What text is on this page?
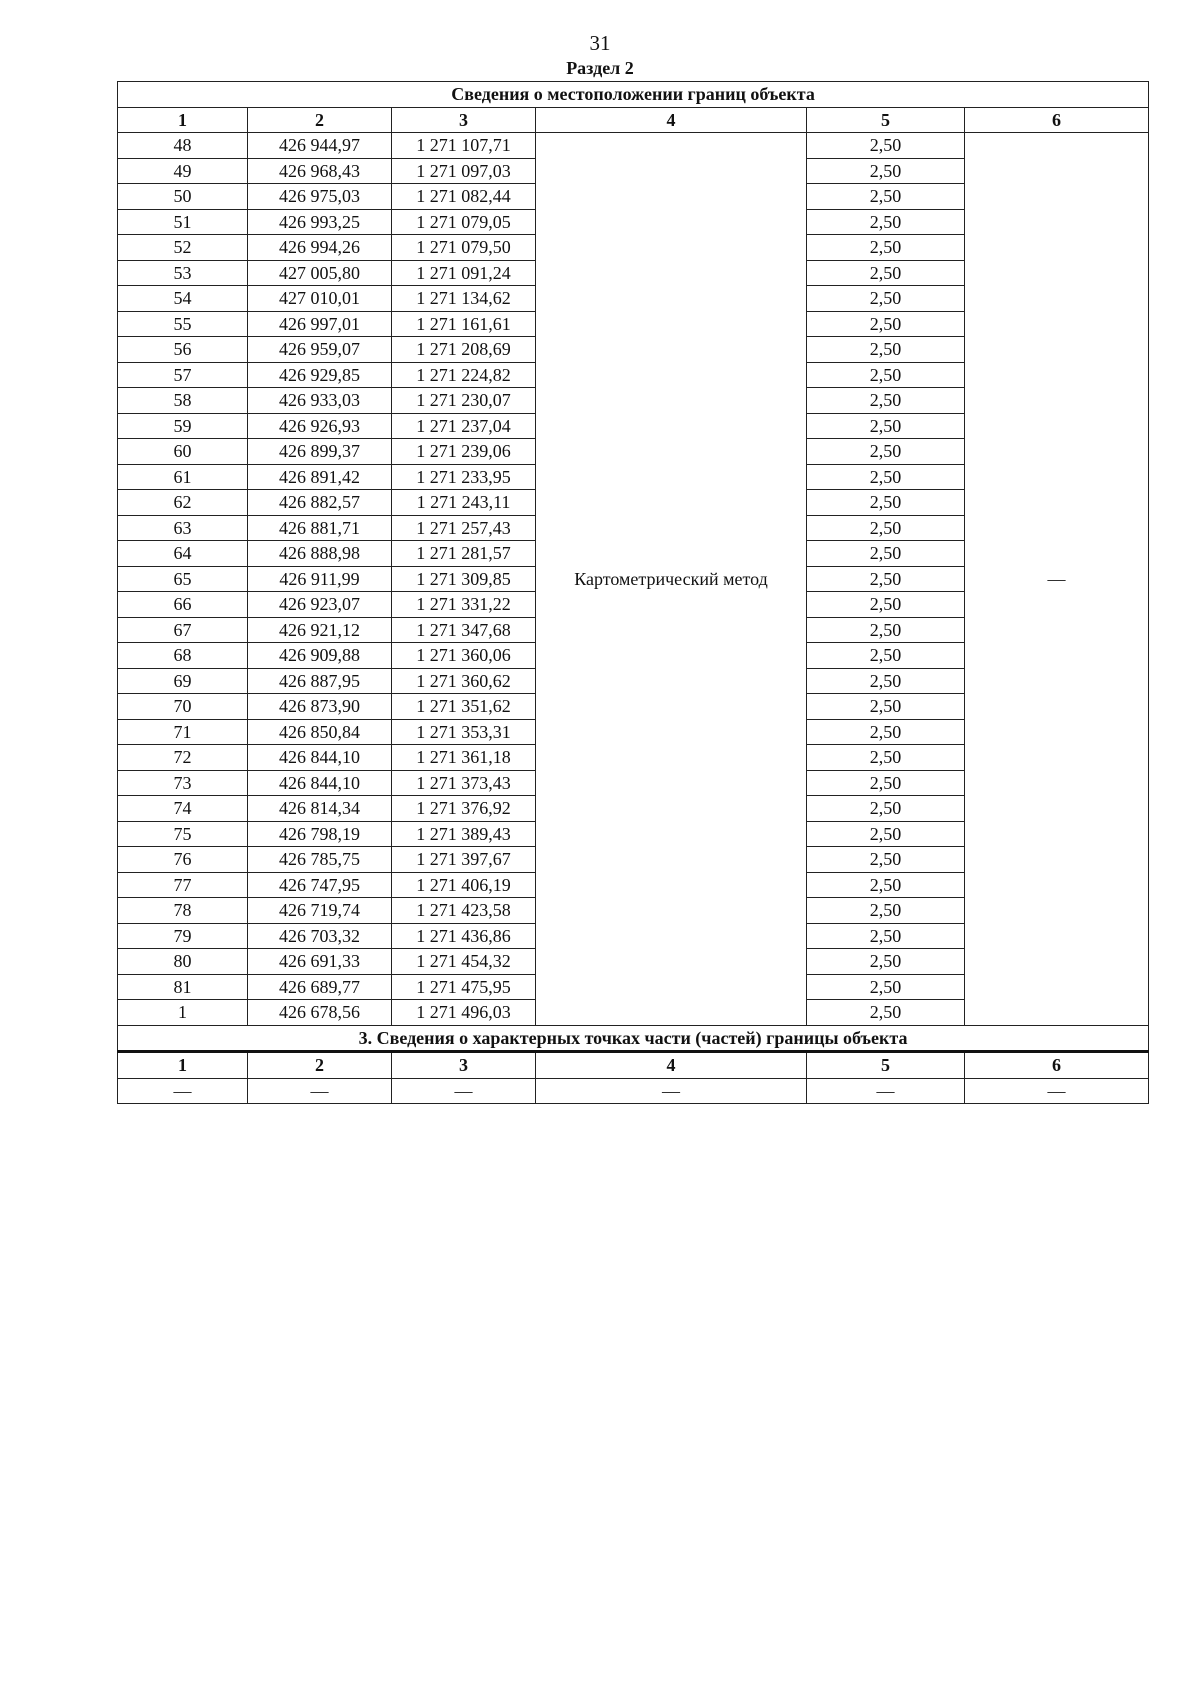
31
Раздел 2
Сведения о местоположении границ объекта					
1	2	3	4	5	6
48	426 944,97	1 271 107,71	Картометрический метод	2,50	—
49	426 968,43	1 271 097,03		2,50	
50	426 975,03	1 271 082,44		2,50	
51	426 993,25	1 271 079,05		2,50	
52	426 994,26	1 271 079,50		2,50	
53	427 005,80	1 271 091,24		2,50	
54	427 010,01	1 271 134,62		2,50	
55	426 997,01	1 271 161,61		2,50	
56	426 959,07	1 271 208,69		2,50	
57	426 929,85	1 271 224,82		2,50	
58	426 933,03	1 271 230,07		2,50	
59	426 926,93	1 271 237,04		2,50	
60	426 899,37	1 271 239,06		2,50	
61	426 891,42	1 271 233,95		2,50	
62	426 882,57	1 271 243,11		2,50	
63	426 881,71	1 271 257,43		2,50	
64	426 888,98	1 271 281,57		2,50	
65	426 911,99	1 271 309,85		2,50	
66	426 923,07	1 271 331,22		2,50	
67	426 921,12	1 271 347,68		2,50	
68	426 909,88	1 271 360,06		2,50	
69	426 887,95	1 271 360,62		2,50	
70	426 873,90	1 271 351,62		2,50	
71	426 850,84	1 271 353,31		2,50	
72	426 844,10	1 271 361,18		2,50	
73	426 844,10	1 271 373,43		2,50	
74	426 814,34	1 271 376,92		2,50	
75	426 798,19	1 271 389,43		2,50	
76	426 785,75	1 271 397,67		2,50	
77	426 747,95	1 271 406,19		2,50	
78	426 719,74	1 271 423,58		2,50	
79	426 703,32	1 271 436,86		2,50	
80	426 691,33	1 271 454,32		2,50	
81	426 689,77	1 271 475,95		2,50	
1	426 678,56	1 271 496,03		2,50	
3. Сведения о характерных точках части (частей) границы объекта					
1	2	3	4	5	6
—	—	—	—	—	—
